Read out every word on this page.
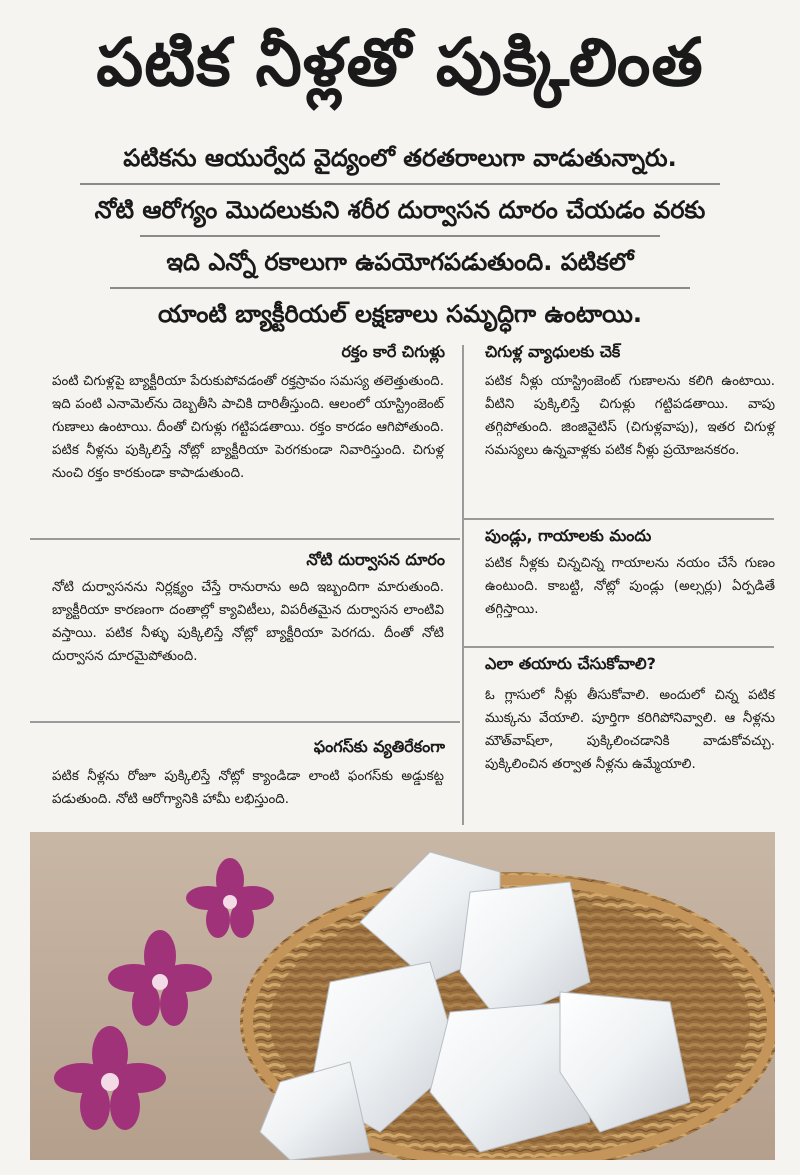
పటిక నీళ్లతో పుక్కిలింత
పటికను ఆయుర్వేద వైద్యంలో తరతరాలుగా వాడుతున్నారు.
నోటి ఆరోగ్యం మొదలుకుని శరీర దుర్వాసన దూరం చేయడం వరకు
ఇది ఎన్నో రకాలుగా ఉపయోగపడుతుంది. పటికలో
యాంటి బ్యాక్టీరియల్ లక్షణాలు సమృద్ధిగా ఉంటాయి.
రక్తం కారే చిగుళ్లు
పంటి చిగుళ్లపై బ్యాక్టీరియా పేరుకుపోవడంతో రక్తస్రావం సమస్య తలెత్తుతుంది. ఇది పంటి ఎనామెల్‌ను దెబ్బతీసి పాచికి దారితీస్తుంది. ఆలంలో యాస్ట్రింజెంట్ గుణాలు ఉంటాయి. దీంతో చిగుళ్లు గట్టిపడతాయి. రక్తం కారడం ఆగిపోతుంది. పటిక నీళ్లను పుక్కిలిస్తే నోట్లో బ్యాక్టీరియా పెరగకుండా నివారిస్తుంది. చిగుళ్ల నుంచి రక్తం కారకుండా కాపాడుతుంది.
నోటి దుర్వాసన దూరం
నోటి దుర్వాసనను నిర్లక్ష్యం చేస్తే రానురాను అది ఇబ్బందిగా మారుతుంది. బ్యాక్టీరియా కారణంగా దంతాల్లో క్యావిటీలు, విపరీతమైన దుర్వాసన లాంటివి వస్తాయి. పటిక నీళ్ళు పుక్కిలిస్తే నోట్లో బ్యాక్టీరియా పెరగదు. దీంతో నోటి దుర్వాసన దూరమైపోతుంది.
ఫంగస్‌కు వ్యతిరేకంగా
పటిక నీళ్లను రోజూ పుక్కిలిస్తే నోట్లో క్యాండిడా లాంటి ఫంగస్‌కు అడ్డుకట్ట పడుతుంది. నోటి ఆరోగ్యానికి హామీ లభిస్తుంది.
చిగుళ్ల వ్యాధులకు చెక్
పటిక నీళ్లు యాస్ట్రింజెంట్ గుణాలను కలిగి ఉంటాయి. వీటిని పుక్కిలిస్తే చిగుళ్లు గట్టిపడతాయి. వాపు తగ్గిపోతుంది. జింజివైటిస్ (చిగుళ్లవాపు), ఇతర చిగుళ్ల సమస్యలు ఉన్నవాళ్లకు పటిక నీళ్లు ప్రయోజనకరం.
పుండ్లు, గాయాలకు మందు
పటిక నీళ్లకు చిన్నచిన్న గాయాలను నయం చేసే గుణం ఉంటుంది. కాబట్టి, నోట్లో పుండ్లు (అల్సర్లు) ఏర్పడితే తగ్గిస్తాయి.
ఎలా తయారు చేసుకోవాలి?
ఓ గ్లాసులో నీళ్లు తీసుకోవాలి. అందులో చిన్న పటిక ముక్కను వేయాలి. పూర్తిగా కరిగిపోనివ్వాలి. ఆ నీళ్లను మౌత్‌వాష్‌లా, పుక్కిలించడానికి వాడుకోవచ్చు. పుక్కిలించిన తర్వాత నీళ్లను ఉమ్మేయాలి.
